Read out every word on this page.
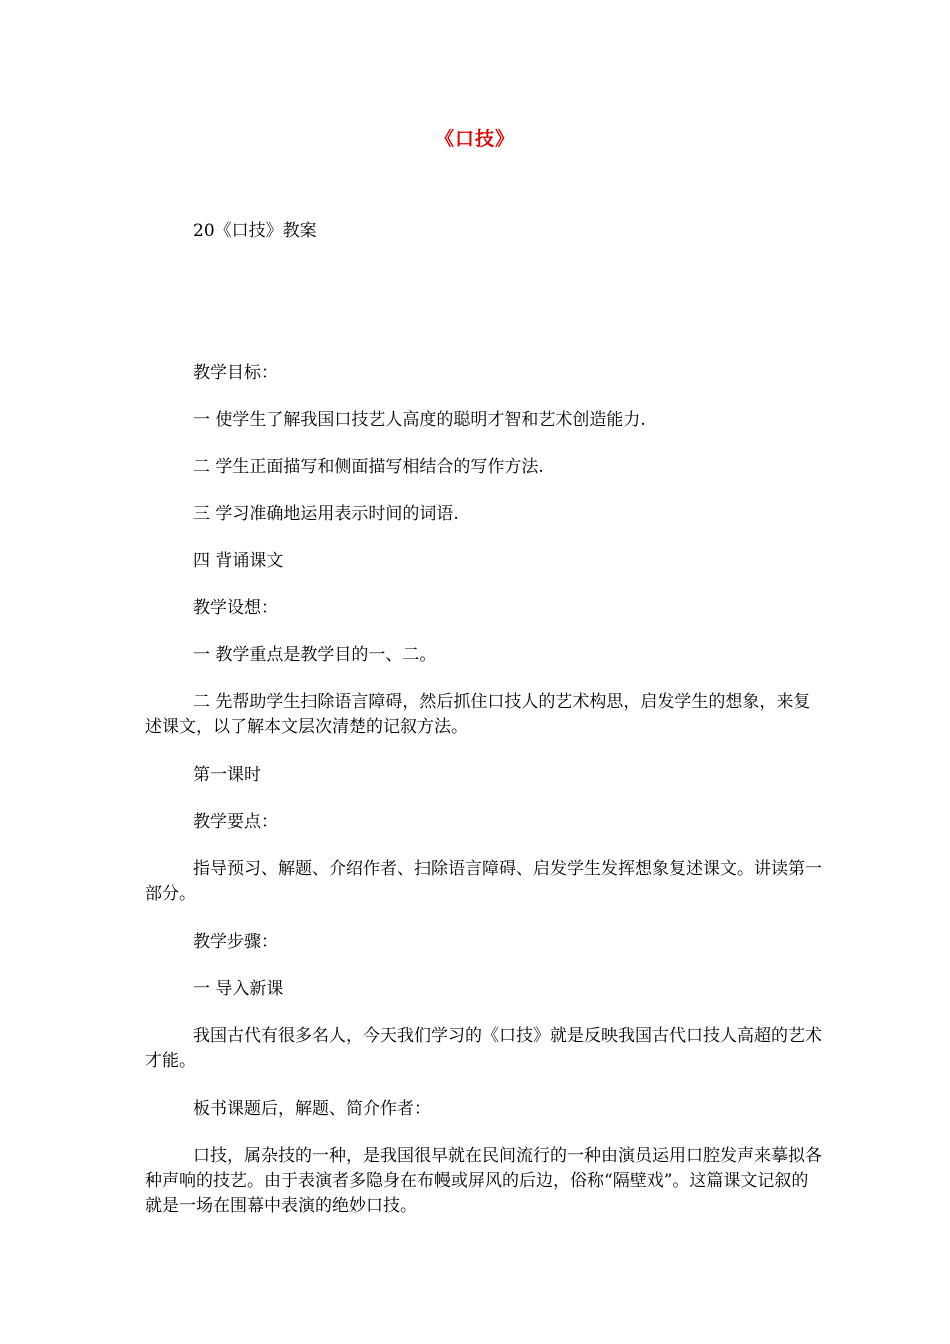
《口技》

20《口技》教案

教学目标：

一 使学生了解我国口技艺人高度的聪明才智和艺术创造能力.

二 学生正面描写和侧面描写相结合的写作方法.

三 学习准确地运用表示时间的词语.

四 背诵课文

教学设想：

一 教学重点是教学目的一、二。

二 先帮助学生扫除语言障碍，然后抓住口技人的艺术构思，启发学生的想象，来复述课文，以了解本文层次清楚的记叙方法。

第一课时

教学要点：

指导预习、解题、介绍作者、扫除语言障碍、启发学生发挥想象复述课文。讲读第一部分。

教学步骤：

一 导入新课

我国古代有很多名人，今天我们学习的《口技》就是反映我国古代口技人高超的艺术才能。

板书课题后，解题、简介作者：

口技，属杂技的一种，是我国很早就在民间流行的一种由演员运用口腔发声来摹拟各种声响的技艺。由于表演者多隐身在布幔或屏风的后边，俗称“隔壁戏”。这篇课文记叙的就是一场在围幕中表演的绝妙口技。
